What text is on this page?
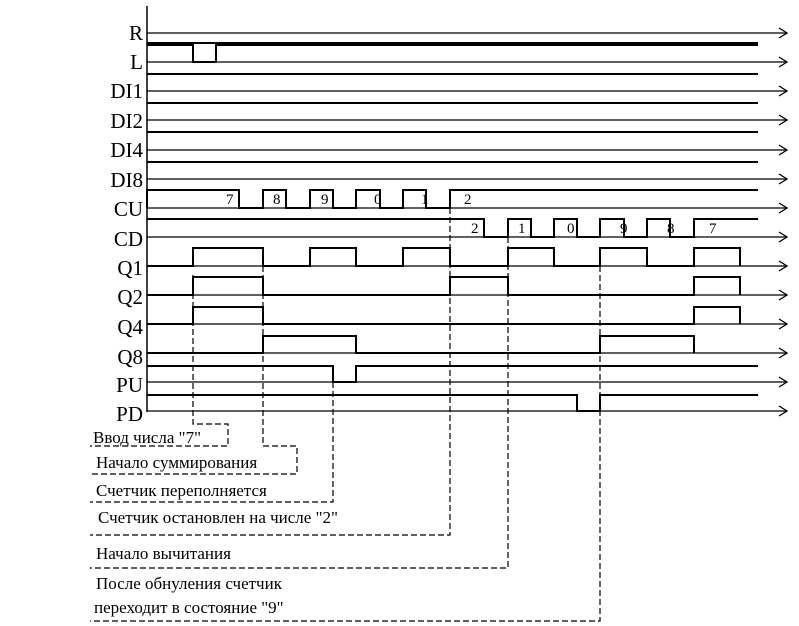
R
L
DI1
DI2
DI4
DI8
CU
CD
Q1
Q2
Q4
Q8
PU
PD
7	8	9	0	1 2
2	1	0	9	8 7
Ввод числа "7"
Начало суммирования
Счетчик переполняется
Счетчик остановлен на числе "2"
Начало вычитания
После обнуления счетчик
переходит в состояние "9"
